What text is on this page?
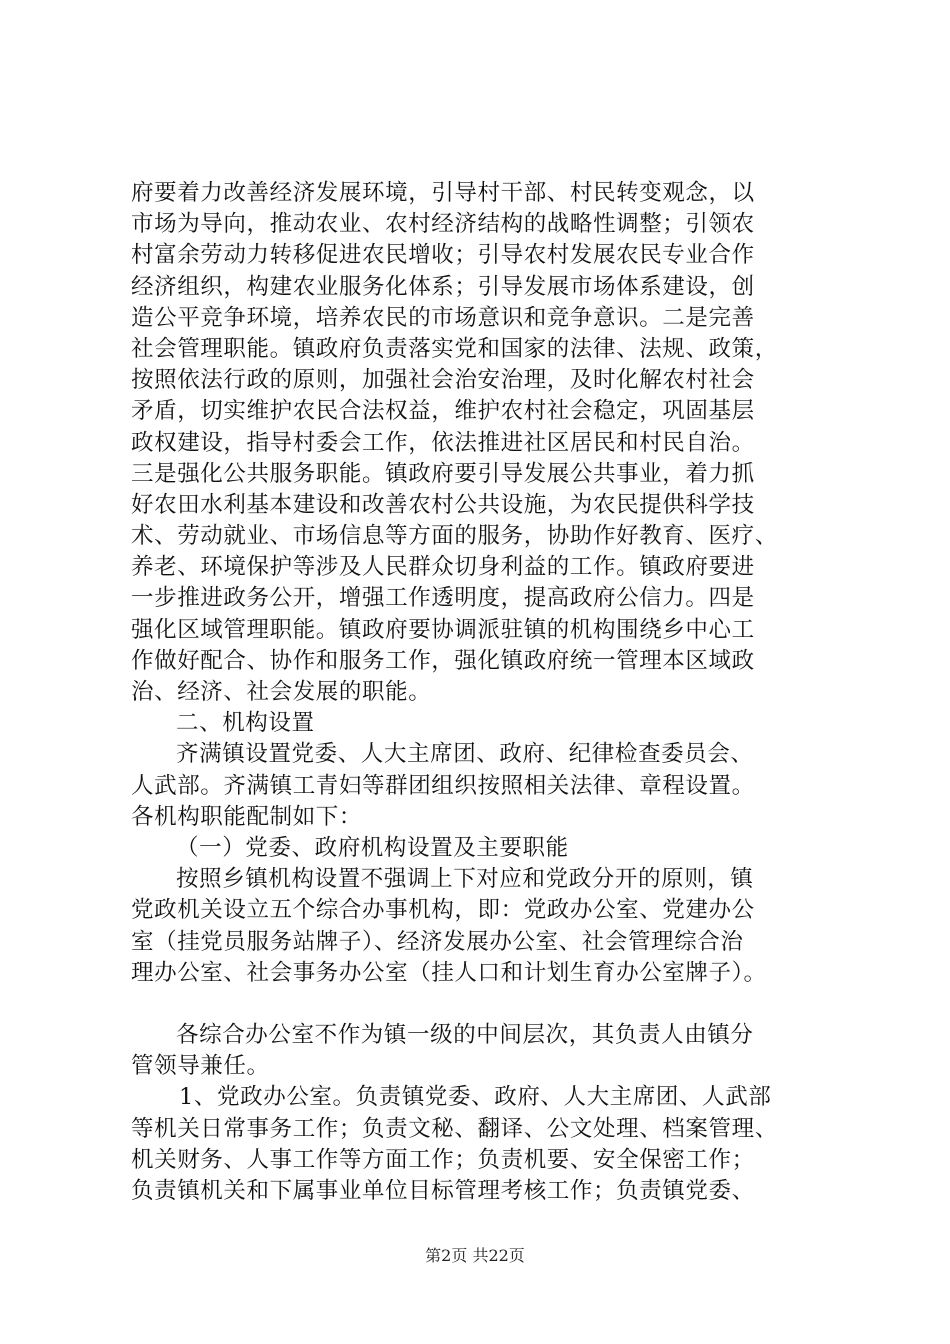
府要着力改善经济发展环境，引导村干部、村民转变观念，以
市场为导向，推动农业、农村经济结构的战略性调整；引领农
村富余劳动力转移促进农民增收；引导农村发展农民专业合作
经济组织，构建农业服务化体系；引导发展市场体系建设，创
造公平竞争环境，培养农民的市场意识和竞争意识。二是完善
社会管理职能。镇政府负责落实党和国家的法律、法规、政策，
按照依法行政的原则，加强社会治安治理，及时化解农村社会
矛盾，切实维护农民合法权益，维护农村社会稳定，巩固基层
政权建设，指导村委会工作，依法推进社区居民和村民自治。
三是强化公共服务职能。镇政府要引导发展公共事业，着力抓
好农田水利基本建设和改善农村公共设施，为农民提供科学技
术、劳动就业、市场信息等方面的服务，协助作好教育、医疗、
养老、环境保护等涉及人民群众切身利益的工作。镇政府要进
一步推进政务公开，增强工作透明度，提高政府公信力。四是
强化区域管理职能。镇政府要协调派驻镇的机构围绕乡中心工
作做好配合、协作和服务工作，强化镇政府统一管理本区域政
治、经济、社会发展的职能。
二、机构设置
齐满镇设置党委、人大主席团、政府、纪律检查委员会、
人武部。齐满镇工青妇等群团组织按照相关法律、章程设置。
各机构职能配制如下：
（一）党委、政府机构设置及主要职能
按照乡镇机构设置不强调上下对应和党政分开的原则，镇
党政机关设立五个综合办事机构，即：党政办公室、党建办公
室（挂党员服务站牌子）、经济发展办公室、社会管理综合治
理办公室、社会事务办公室（挂人口和计划生育办公室牌子）。
各综合办公室不作为镇一级的中间层次，其负责人由镇分
管领导兼任。
1、党政办公室。负责镇党委、政府、人大主席团、人武部
等机关日常事务工作；负责文秘、翻译、公文处理、档案管理、
机关财务、人事工作等方面工作；负责机要、安全保密工作；
负责镇机关和下属事业单位目标管理考核工作；负责镇党委、
第2页 共22页
